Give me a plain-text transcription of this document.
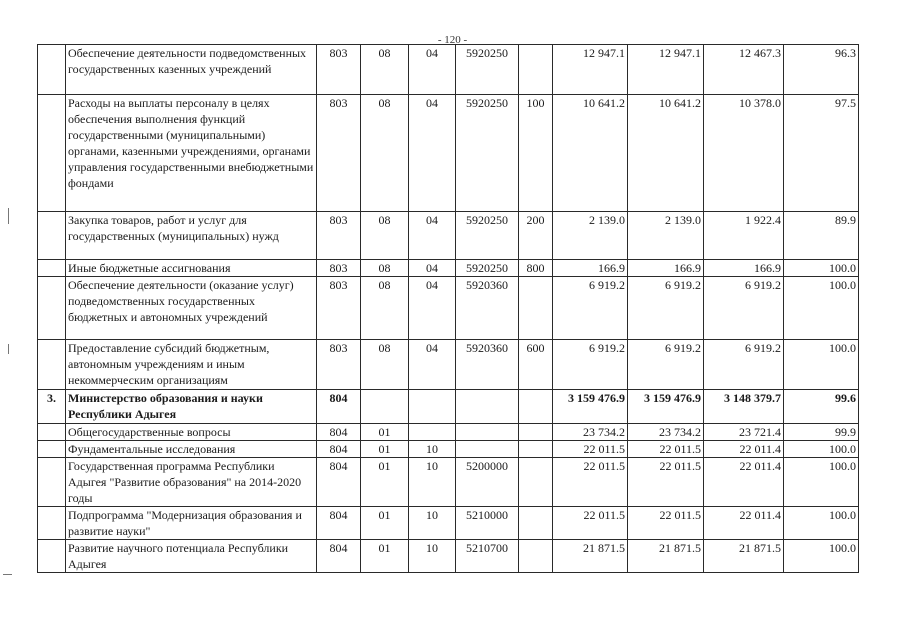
- 120 -
	Обеспечение деятельности подведомственных государственных казенных учреждений	803	08	04	5920250		12 947.1	12 947.1	12 467.3	96.3
	Расходы на выплаты персоналу в целях обеспечения выполнения функций государственными (муниципальными) органами, казенными учреждениями, органами управления государственными внебюджетными фондами	803	08	04	5920250	100	10 641.2	10 641.2	10 378.0	97.5
	Закупка товаров, работ и услуг для государственных (муниципальных) нужд	803	08	04	5920250	200	2 139.0	2 139.0	1 922.4	89.9
	Иные бюджетные ассигнования	803	08	04	5920250	800	166.9	166.9	166.9	100.0
	Обеспечение деятельности (оказание услуг) подведомственных государственных бюджетных и автономных учреждений	803	08	04	5920360		6 919.2	6 919.2	6 919.2	100.0
	Предоставление субсидий бюджетным, автономным учреждениям и иным некоммерческим организациям	803	08	04	5920360	600	6 919.2	6 919.2	6 919.2	100.0
3.	Министерство образования и науки Республики Адыгея	804					3 159 476.9	3 159 476.9	3 148 379.7	99.6
	Общегосударственные вопросы	804	01				23 734.2	23 734.2	23 721.4	99.9
	Фундаментальные исследования	804	01	10			22 011.5	22 011.5	22 011.4	100.0
	Государственная программа Республики Адыгея "Развитие образования" на 2014-2020 годы	804	01	10	5200000		22 011.5	22 011.5	22 011.4	100.0
	Подпрограмма "Модернизация образования и развитие науки"	804	01	10	5210000		22 011.5	22 011.5	22 011.4	100.0
	Развитие научного потенциала Республики Адыгея	804	01	10	5210700		21 871.5	21 871.5	21 871.5	100.0
